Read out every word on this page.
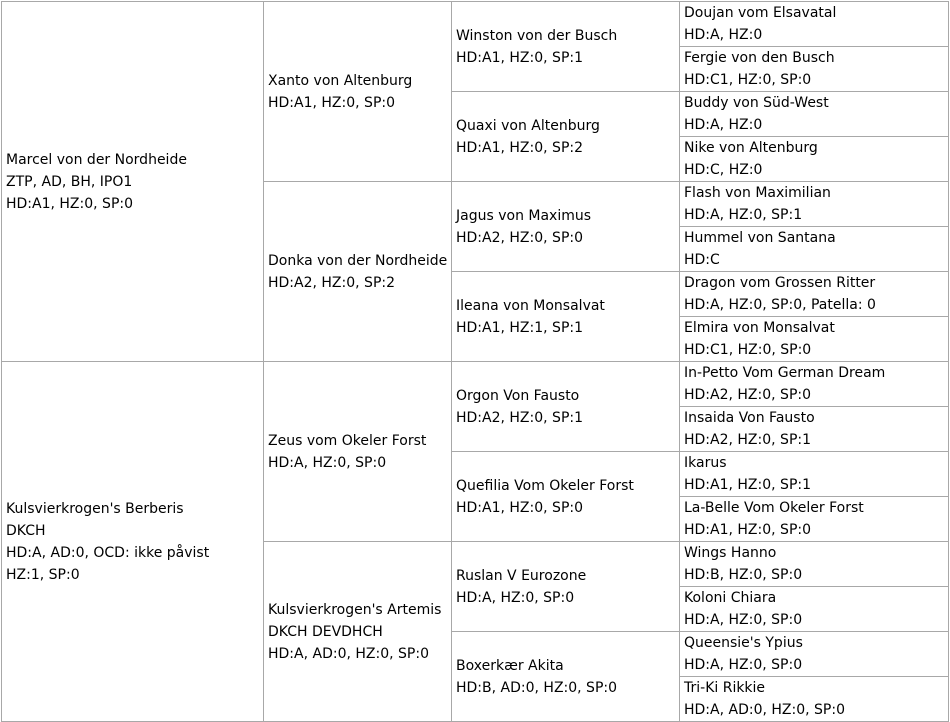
Marcel von der Nordheide
ZTP, AD, BH, IPO1
HD:A1, HZ:0, SP:0	Xanto von Altenburg
HD:A1, HZ:0, SP:0	Winston von der Busch
HD:A1, HZ:0, SP:1	Doujan vom Elsavatal
HD:A, HZ:0

			Fergie von den Busch
HD:C1, HZ:0, SP:0

		Quaxi von Altenburg
HD:A1, HZ:0, SP:2	Buddy von Süd-West
HD:A, HZ:0

			Nike von Altenburg
HD:C, HZ:0

	Donka von der Nordheide
HD:A2, HZ:0, SP:2	Jagus von Maximus
HD:A2, HZ:0, SP:0	Flash von Maximilian
HD:A, HZ:0, SP:1

			Hummel von Santana
HD:C

		Ileana von Monsalvat
HD:A1, HZ:1, SP:1	Dragon vom Grossen Ritter
HD:A, HZ:0, SP:0, Patella: 0

			Elmira von Monsalvat
HD:C1, HZ:0, SP:0

Kulsvierkrogen's Berberis
DKCH
HD:A, AD:0, OCD: ikke påvist
HZ:1, SP:0	Zeus vom Okeler Forst
HD:A, HZ:0, SP:0	Orgon Von Fausto
HD:A2, HZ:0, SP:1	In-Petto Vom German Dream
HD:A2, HZ:0, SP:0

			Insaida Von Fausto
HD:A2, HZ:0, SP:1

		Quefilia Vom Okeler Forst
HD:A1, HZ:0, SP:0	Ikarus
HD:A1, HZ:0, SP:1

			La-Belle Vom Okeler Forst
HD:A1, HZ:0, SP:0

	Kulsvierkrogen's Artemis
DKCH DEVDHCH
HD:A, AD:0, HZ:0, SP:0	Ruslan V Eurozone
HD:A, HZ:0, SP:0	Wings Hanno
HD:B, HZ:0, SP:0

			Koloni Chiara
HD:A, HZ:0, SP:0

		Boxerkær Akita
HD:B, AD:0, HZ:0, SP:0	Queensie's Ypius
HD:A, HZ:0, SP:0

			Tri-Ki Rikkie
HD:A, AD:0, HZ:0, SP:0
